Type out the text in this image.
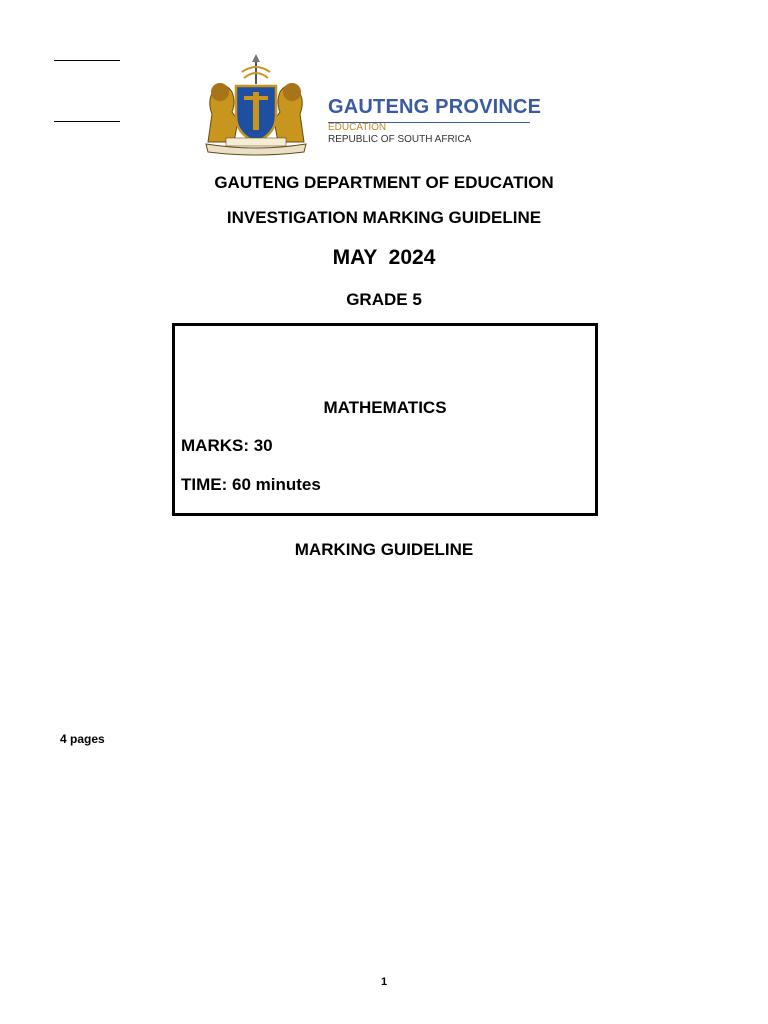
GAUTENG PROVINCE
EDUCATION
REPUBLIC OF SOUTH AFRICA
GAUTENG DEPARTMENT OF EDUCATION
INVESTIGATION MARKING GUIDELINE
MAY  2024
GRADE 5
MATHEMATICS
MARKS: 30
TIME: 60 minutes
MARKING GUIDELINE
4 pages
1
